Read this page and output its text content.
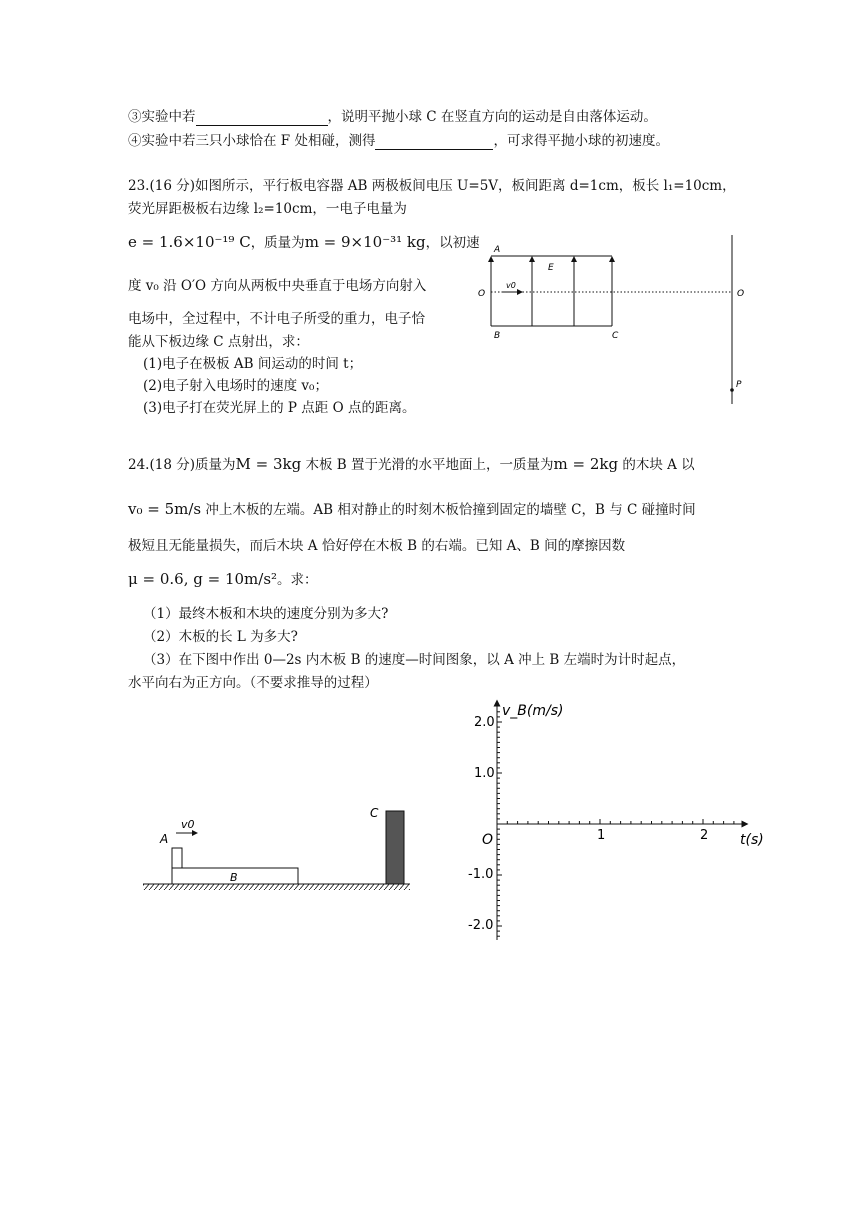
③实验中若	，说明平抛小球 C 在竖直方向的运动是自由落体运动。
④实验中若三只小球恰在 F 处相碰，测得	，可求得平抛小球的初速度。
23.(16 分)如图所示，平行板电容器 AB 两极板间电压 U=5V，板间距离 d=1cm，板长 l₁=10cm，
荧光屏距极板右边缘 l₂=10cm，一电子电量为
e = 1.6×10⁻¹⁹ C，质量为m = 9×10⁻³¹ kg，以初速
度 v₀ 沿 O′O 方向从两板中央垂直于电场方向射入
电场中，全过程中，不计电子所受的重力，电子恰
能从下板边缘 C 点射出，求：
(1)电子在极板 AB 间运动的时间 t；
(2)电子射入电场时的速度 v₀；
(3)电子打在荧光屏上的 P 点距 O 点的距离。
A
B	C
E
O	O
v0
P
24.(18 分)质量为M = 3kg 木板 B 置于光滑的水平地面上，一质量为m = 2kg 的木块 A 以
v₀ = 5m/s 冲上木板的左端。AB 相对静止的时刻木板恰撞到固定的墙壁 C，B 与 C 碰撞时间
极短且无能量损失，而后木块 A 恰好停在木板 B 的右端。已知 A、B 间的摩擦因数
μ = 0.6, g = 10m/s²。求：
（1）最终木板和木块的速度分别为多大?
（2）木板的长 L 为多大?
（3）在下图中作出 0—2s 内木板 B 的速度—时间图象，以 A 冲上 B 左端时为计时起点，
水平向右为正方向。（不要求推导的过程）
v0
A
B
C
v_B(m/s)
t(s)
O
2.0
1.0
-1.0
-2.0
1	2
